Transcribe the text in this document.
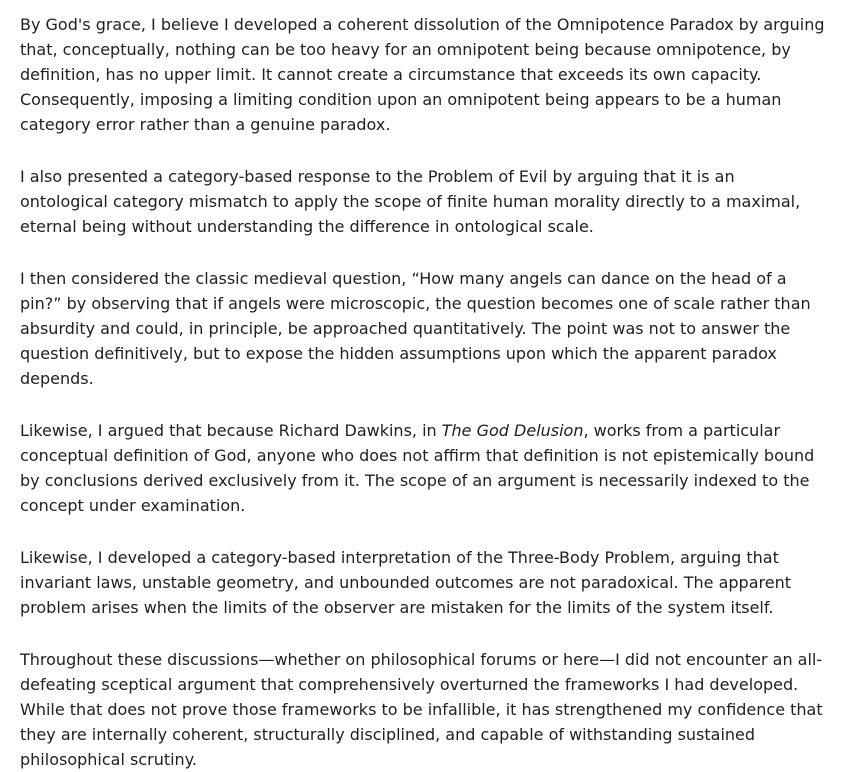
By God's grace, I believe I developed a coherent dissolution of the Omnipotence Paradox by arguing that, conceptually, nothing can be too heavy for an omnipotent being because omnipotence, by definition, has no upper limit. It cannot create a circumstance that exceeds its own capacity. Consequently, imposing a limiting condition upon an omnipotent being appears to be a human category error rather than a genuine paradox.

I also presented a category-based response to the Problem of Evil by arguing that it is an ontological category mismatch to apply the scope of finite human morality directly to a maximal, eternal being without understanding the difference in ontological scale.

I then considered the classic medieval question, “How many angels can dance on the head of a pin?” by observing that if angels were microscopic, the question becomes one of scale rather than absurdity and could, in principle, be approached quantitatively. The point was not to answer the question definitively, but to expose the hidden assumptions upon which the apparent paradox depends.

Likewise, I argued that because Richard Dawkins, in The God Delusion, works from a particular conceptual definition of God, anyone who does not affirm that definition is not epistemically bound by conclusions derived exclusively from it. The scope of an argument is necessarily indexed to the concept under examination.

Likewise, I developed a category-based interpretation of the Three-Body Problem, arguing that invariant laws, unstable geometry, and unbounded outcomes are not paradoxical. The apparent problem arises when the limits of the observer are mistaken for the limits of the system itself.

Throughout these discussions—whether on philosophical forums or here—I did not encounter an all-defeating sceptical argument that comprehensively overturned the frameworks I had developed. While that does not prove those frameworks to be infallible, it has strengthened my confidence that they are internally coherent, structurally disciplined, and capable of withstanding sustained philosophical scrutiny.
